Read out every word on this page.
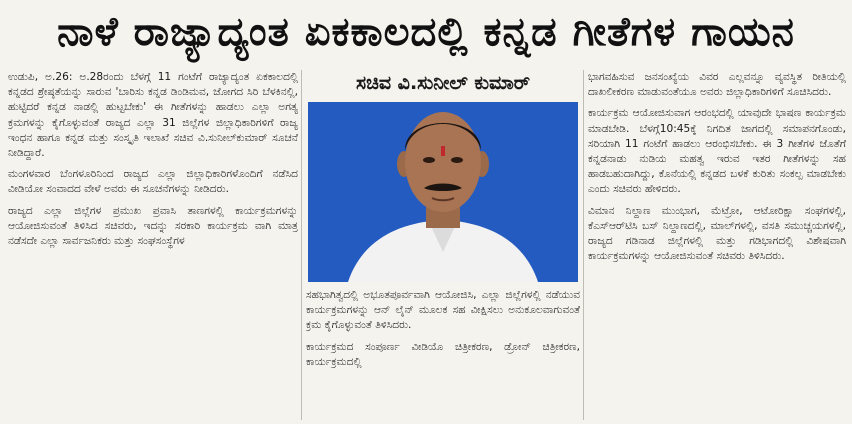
ನಾಳೆ ರಾಜ್ಯಾದ್ಯಂತ ಏಕಕಾಲದಲ್ಲಿ ಕನ್ನಡ ಗೀತೆಗಳ ಗಾಯನ

ಉಡುಪಿ, ಅ.26: ಅ.28ರಂದು ಬೆಳಗ್ಗೆ 11 ಗಂಟೆಗೆ ರಾಜ್ಯಾದ್ಯಂತ ಏಕಕಾಲದಲ್ಲಿ ಕನ್ನಡದ ಶ್ರೇಷ್ಠತೆಯನ್ನು ಸಾರುವ 'ಬಾರಿಸು ಕನ್ನಡ ಡಿಂಡಿಮವ, ಜೋಗದ ಸಿರಿ ಬೆಳಕಿನಲ್ಲಿ, ಹುಟ್ಟಿದರೆ ಕನ್ನಡ ನಾಡಲ್ಲಿ ಹುಟ್ಟಬೇಕು' ಈ ಗೀತೆಗಳನ್ನು ಹಾಡಲು ಎಲ್ಲಾ ಅಗತ್ಯ ಕ್ರಮಗಳನ್ನು ಕೈಗೊಳ್ಳುವಂತೆ ರಾಜ್ಯದ ಎಲ್ಲಾ 31 ಜಿಲ್ಲೆಗಳ ಜಿಲ್ಲಾಧಿಕಾರಿಗಳಿಗೆ ರಾಜ್ಯ ಇಂಧನ ಹಾಗೂ ಕನ್ನಡ ಮತ್ತು ಸಂಸ್ಕೃತಿ ಇಲಾಖೆ ಸಚಿವ ವಿ.ಸುನೀಲ್‌ಕುಮಾರ್ ಸೂಚನೆ ನೀಡಿದ್ದಾರೆ.

ಮಂಗಳವಾರ ಬೆಂಗಳೂರಿನಿಂದ ರಾಜ್ಯದ ಎಲ್ಲಾ ಜಿಲ್ಲಾಧಿಕಾರಿಗಳೊಂದಿಗೆ ನಡೆಸಿದ ವೀಡಿಯೋ ಸಂವಾದದ ವೇಳೆ ಅವರು ಈ ಸೂಚನೆಗಳನ್ನು ನೀಡಿದರು.

ರಾಜ್ಯದ ಎಲ್ಲಾ ಜಿಲ್ಲೆಗಳ ಪ್ರಮುಖ ಪ್ರವಾಸಿ ತಾಣಗಳಲ್ಲಿ ಕಾರ್ಯಕ್ರಮಗಳನ್ನು ಆಯೋಜಿಸುವಂತೆ ತಿಳಿಸಿದ ಸಚಿವರು, ಇದನ್ನು ಸರಕಾರಿ ಕಾರ್ಯಕ್ರಮ ವಾಗಿ ಮಾತ್ರ ನಡೆಸದೇ ಎಲ್ಲಾ ಸಾರ್ವಜನಿಕರು ಮತ್ತು ಸಂಘಸಂಸ್ಥೆಗಳ

ಸಚಿವ ವಿ.ಸುನೀಲ್ ಕುಮಾರ್

ಸಹಭಾಗಿತ್ವದಲ್ಲಿ ಅಭೂತಪೂರ್ವವಾಗಿ ಆಯೋಜಿಸಿ, ಎಲ್ಲಾ ಜಿಲ್ಲೆಗಳಲ್ಲಿ ನಡೆಯುವ ಕಾರ್ಯಕ್ರಮಗಳನ್ನು ಆನ್ ಲೈನ್ ಮೂಲಕ ಸಹ ವೀಕ್ಷಿಸಲು ಅನುಕೂಲವಾಗುವಂತೆ ಕ್ರಮ ಕೈಗೊಳ್ಳುವಂತೆ ತಿಳಿಸಿದರು.

ಕಾರ್ಯಕ್ರಮದ ಸಂಪೂರ್ಣ ವೀಡಿಯೊ ಚಿತ್ರೀಕರಣ, ಡ್ರೋನ್ ಚಿತ್ರೀಕರಣ, ಕಾರ್ಯಕ್ರಮದಲ್ಲಿ

ಭಾಗವಹಿಸುವ ಜನಸಂಖ್ಯೆಯ ವಿವರ ಎಲ್ಲವನ್ನೂ ವ್ಯವಸ್ಥಿತ ರೀತಿಯಲ್ಲಿ ದಾಖಲೀಕರಣ ಮಾಡುವಂತೆಯೂ ಅವರು ಜಿಲ್ಲಾಧಿಕಾರಿಗಳಿಗೆ ಸೂಚಿಸಿದರು.

ಕಾರ್ಯಕ್ರಮ ಆಯೋಜಿಸುವಾಗ ಆರಂಭದಲ್ಲಿ ಯಾವುದೇ ಭಾಷಣ ಕಾರ್ಯಕ್ರಮ ಮಾಡಬೇಡಿ. ಬೆಳಗ್ಗೆ10:45ಕ್ಕೆ ನಿಗದಿತ ಜಾಗದಲ್ಲಿ ಸಮಾಪನಗೊಂಡು, ಸರಿಯಾಗಿ 11 ಗಂಟೆಗೆ ಹಾಡಲು ಆರಂಭಿಸಬೇಕು. ಈ 3 ಗೀತೆಗಳ ಜೊತೆಗೆ ಕನ್ನಡನಾಡು ನುಡಿಯ ಮಹತ್ವ ಇರುವ ಇತರ ಗೀತೆಗಳನ್ನು ಸಹ ಹಾಡಬಹುದಾಗಿದ್ದು, ಕೊನೆಯಲ್ಲಿ ಕನ್ನಡದ ಬಳಕೆ ಕುರಿತು ಸಂಕಲ್ಪ ಮಾಡಬೇಕು ಎಂದು ಸಚಿವರು ಹೇಳಿದರು.

ವಿಮಾನ ನಿಲ್ದಾಣ ಮುಂಭಾಗ, ಮೆಟ್ರೋ, ಆಟೋರಿಕ್ಷಾ ಸಂಘಗಳಲ್ಲಿ, ಕೆಎಸ್ಆರ್‌ಟಿಸಿ ಬಸ್ ನಿಲ್ದಾಣದಲ್ಲಿ, ಮಾಲ್‌ಗಳಲ್ಲಿ, ವಸತಿ ಸಮುಚ್ಚಯಗಳಲ್ಲಿ, ರಾಜ್ಯದ ಗಡಿನಾಡ ಜಿಲ್ಲೆಗಳಲ್ಲಿ ಮತ್ತು ಗಡಿಭಾಗದಲ್ಲಿ ವಿಶೇಷವಾಗಿ ಕಾರ್ಯಕ್ರಮಗಳನ್ನು ಆಯೋಜಿಸುವಂತೆ ಸಚಿವರು ತಿಳಿಸಿದರು.
